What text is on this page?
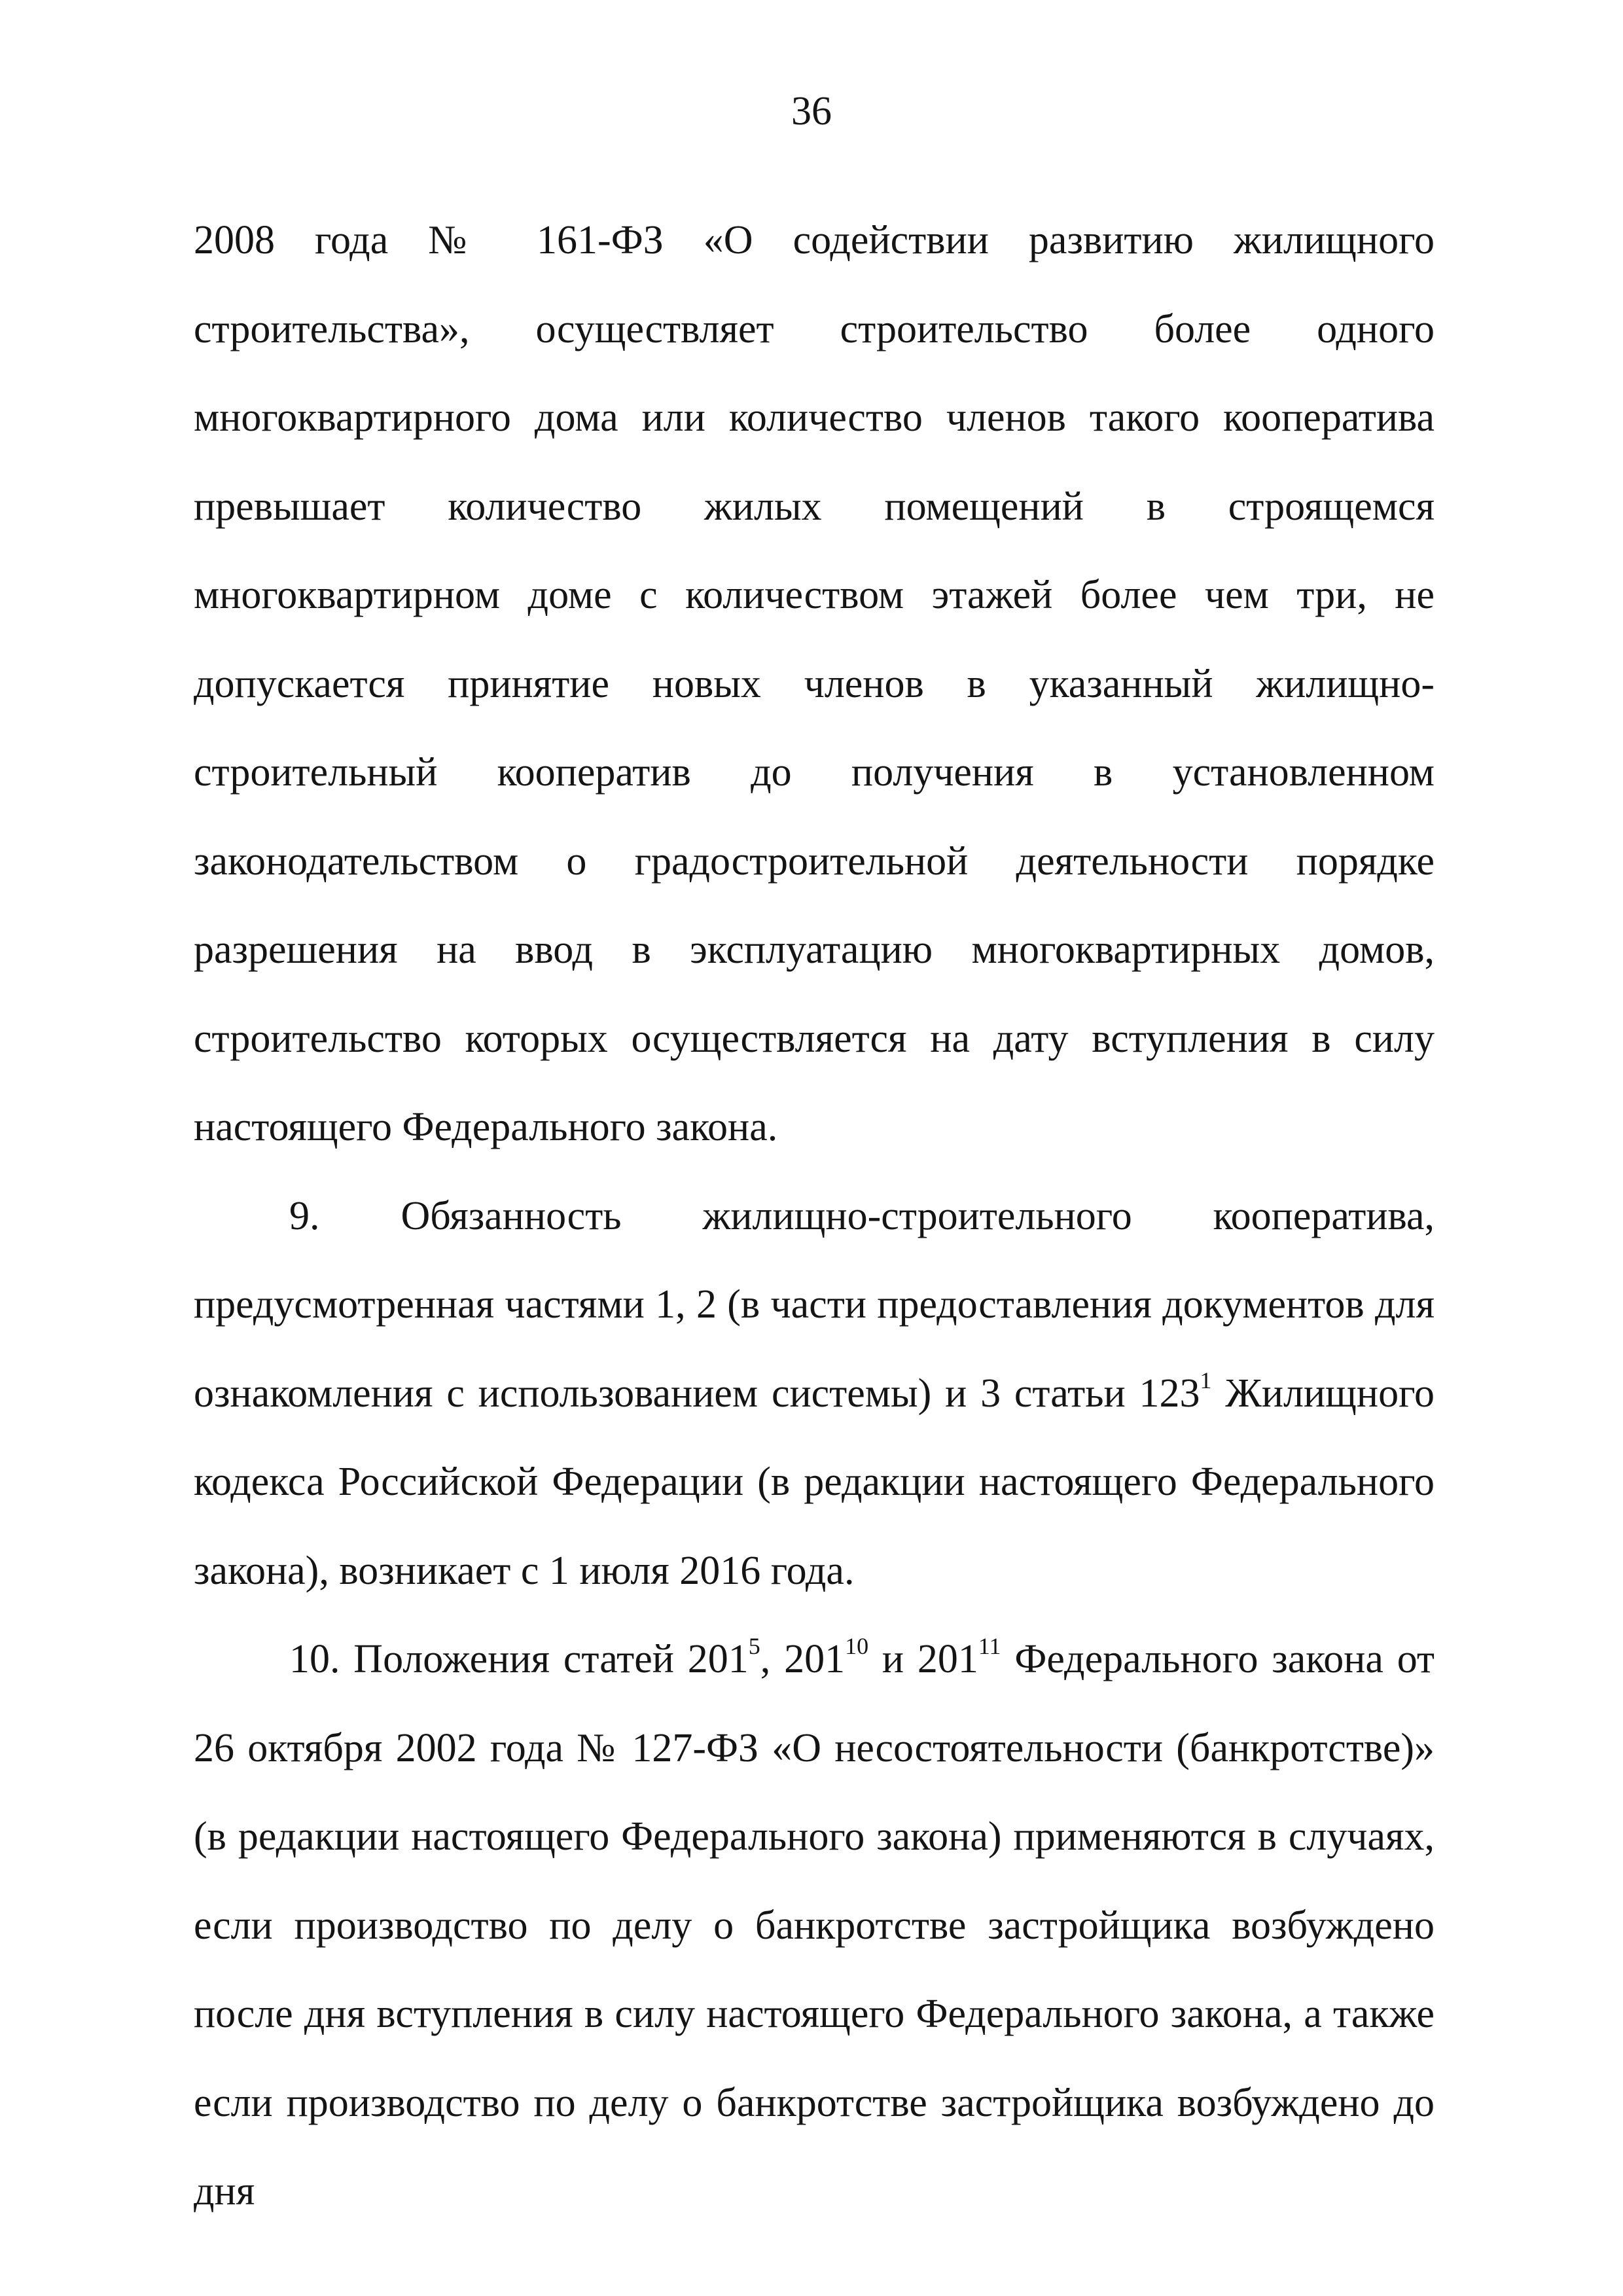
36

2008 года № 161-ФЗ «О содействии развитию жилищного строительства», осуществляет строительство более одного многоквартирного дома или количество членов такого кооператива превышает количество жилых помещений в строящемся многоквартирном доме с количеством этажей более чем три, не допускается принятие новых членов в указанный жилищно-строительный кооператив до получения в установленном законодательством о градостроительной деятельности порядке разрешения на ввод в эксплуатацию многоквартирных домов, строительство которых осуществляется на дату вступления в силу настоящего Федерального закона.

9. Обязанность жилищно-строительного кооператива, предусмотренная частями 1, 2 (в части предоставления документов для ознакомления с использованием системы) и 3 статьи $123^1$ Жилищного кодекса Российской Федерации (в редакции настоящего Федерального закона), возникает с 1 июля 2016 года.

10. Положения статей $201^5$, $201^{10}$ и $201^{11}$ Федерального закона от 26 октября 2002 года № 127-ФЗ «О несостоятельности (банкротстве)» (в редакции настоящего Федерального закона) применяются в случаях, если производство по делу о банкротстве застройщика возбуждено после дня вступления в силу настоящего Федерального закона, а также если производство по делу о банкротстве застройщика возбуждено до дня
